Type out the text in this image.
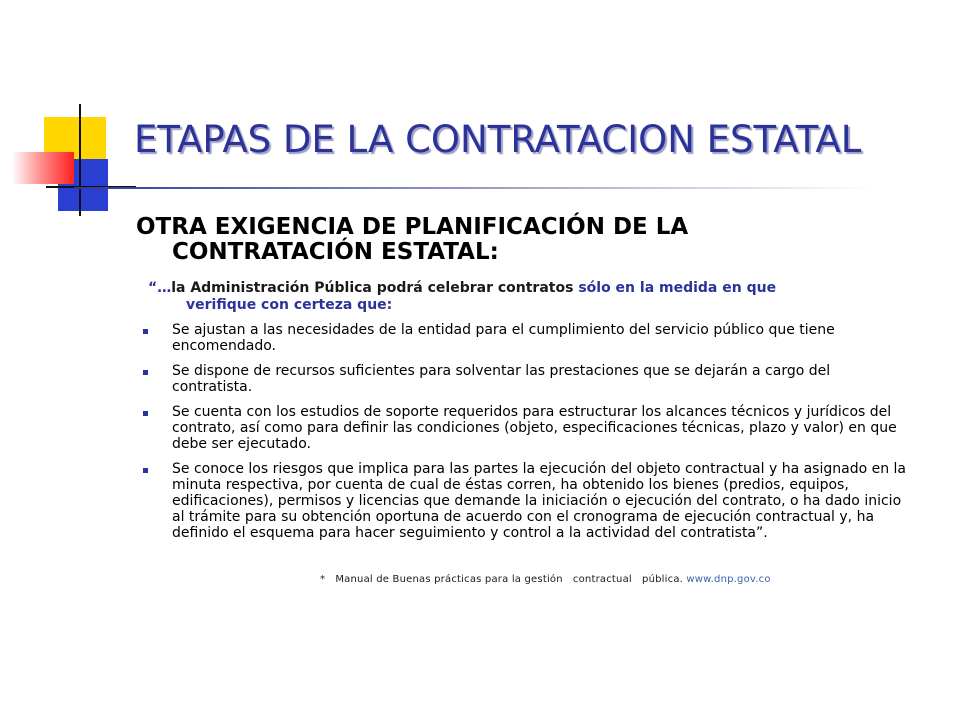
ETAPAS DE LA CONTRATACION ESTATAL
OTRA EXIGENCIA DE PLANIFICACIÓN DE LA
CONTRATACIÓN ESTATAL:
“…la Administración Pública podrá celebrar contratos sólo en la medida en que
verifique con certeza que:
Se ajustan a las necesidades de la entidad para el cumplimiento del servicio público que tiene encomendado.
Se dispone de recursos suficientes para solventar las prestaciones que se dejarán a cargo del contratista.
Se cuenta con los estudios de soporte requeridos para estructurar los alcances técnicos y jurídicos del contrato, así como para definir las condiciones (objeto, especificaciones técnicas, plazo y valor) en que debe ser ejecutado.
Se conoce los riesgos que implica para las partes la ejecución del objeto contractual y ha asignado en la minuta respectiva, por cuenta de cual de éstas corren, ha obtenido los bienes (predios, equipos, edificaciones), permisos y licencias que demande la iniciación o ejecución del contrato, o ha dado inicio al trámite para su obtención oportuna de acuerdo con el cronograma de ejecución contractual y, ha definido el esquema para hacer seguimiento y control a la actividad del contratista”.
*   Manual de Buenas prácticas para la gestión   contractual   pública. www.dnp.gov.co
